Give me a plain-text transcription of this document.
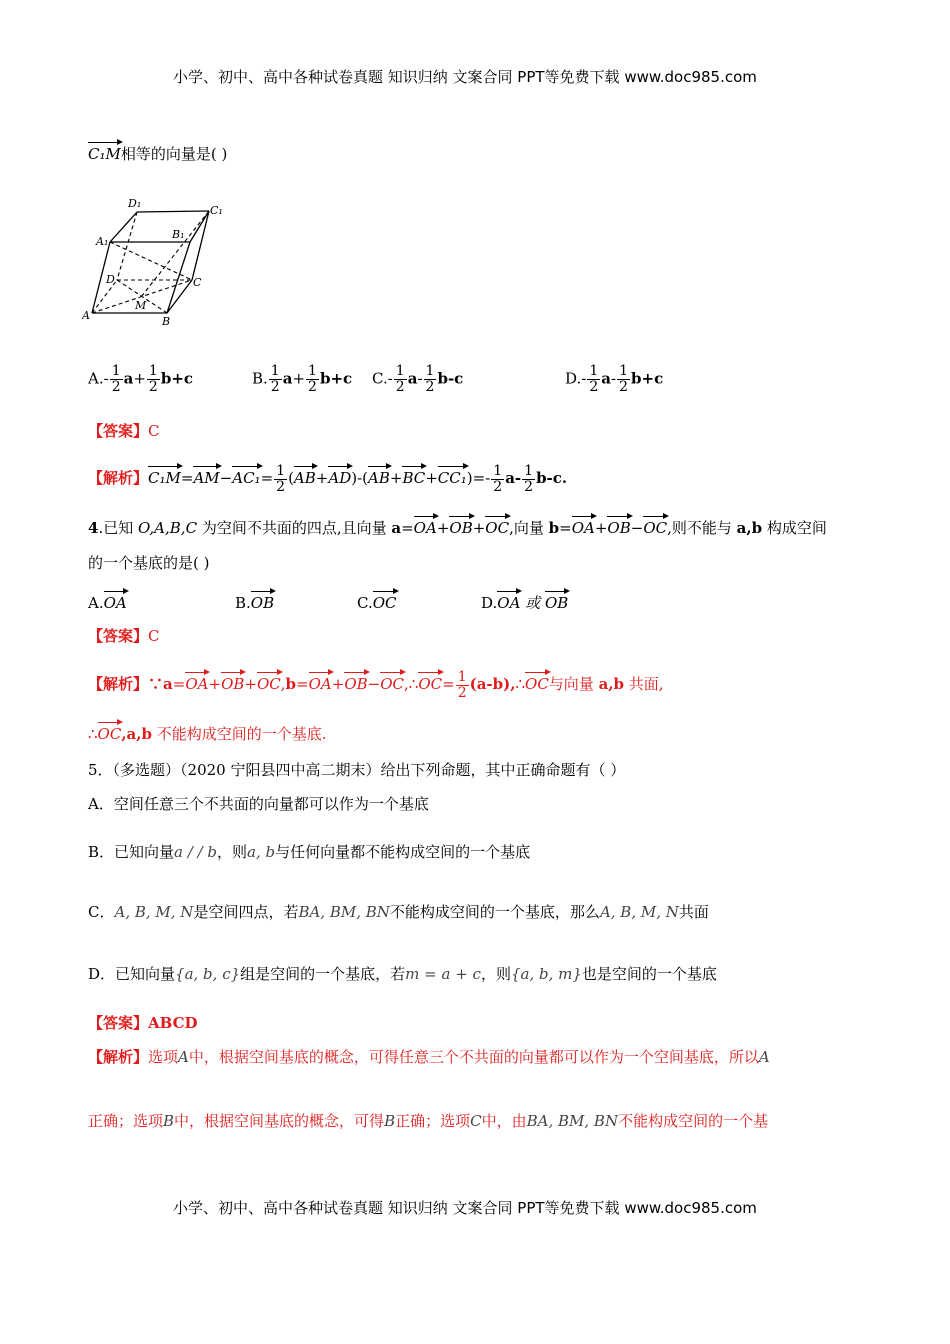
小学、初中、高中各种试卷真题 知识归纳 文案合同 PPT等免费下载 www.doc985.com
C₁M相等的向量是( )
D₁
C₁
A₁
B₁
D	C
M
A	B
$A.- \frac{1}{2} a+ \frac{1}{2} b+c$	B. $\frac{1}{2} a+ \frac{1}{2} b+c$ $C.- \frac{1}{2} a- \frac{1}{2} b-c$	$D.- \frac{1}{2} a- \frac{1}{2} b+c$
【答案】C
【解析】$C_1M=AM-AC_1= \frac{1}{2} (AB+AD)-(AB+BC+CC_1)=- \frac{1}{2} a- \frac{1}{2} b-c$.
4.已知 O,A,B,C 为空间不共面的四点,且向量 a=OA+OB+OC,向量 b=OA+OB−OC,则不能与 a,b 构成空间
的一个基底的是( )
A.OA	B.OB	C.OC	D.OA 或 OB
【答案】C
【解析】∵a=OA+OB+OC,b=OA+OB−OC,∴OC= $\frac{1}{2}$ (a-b),∴OC与向量 a,b 共面,
∴OC,a,b 不能构成空间的一个基底.
5．（多选题）（2020 宁阳县四中高二期末）给出下列命题，其中正确命题有（ ）
A．空间任意三个不共面的向量都可以作为一个基底
B．已知向量a / / b，则a, b与任何向量都不能构成空间的一个基底
C．A, B, M, N是空间四点，若BA, BM, BN不能构成空间的一个基底，那么A, B, M, N共面
D．已知向量{a, b, c}组是空间的一个基底，若m = a + c，则{a, b, m}也是空间的一个基底
【答案】ABCD
【解析】选项A中，根据空间基底的概念，可得任意三个不共面的向量都可以作为一个空间基底，所以A
正确；选项B中，根据空间基底的概念，可得B正确；选项C中，由BA, BM, BN不能构成空间的一个基
小学、初中、高中各种试卷真题 知识归纳 文案合同 PPT等免费下载 www.doc985.com
